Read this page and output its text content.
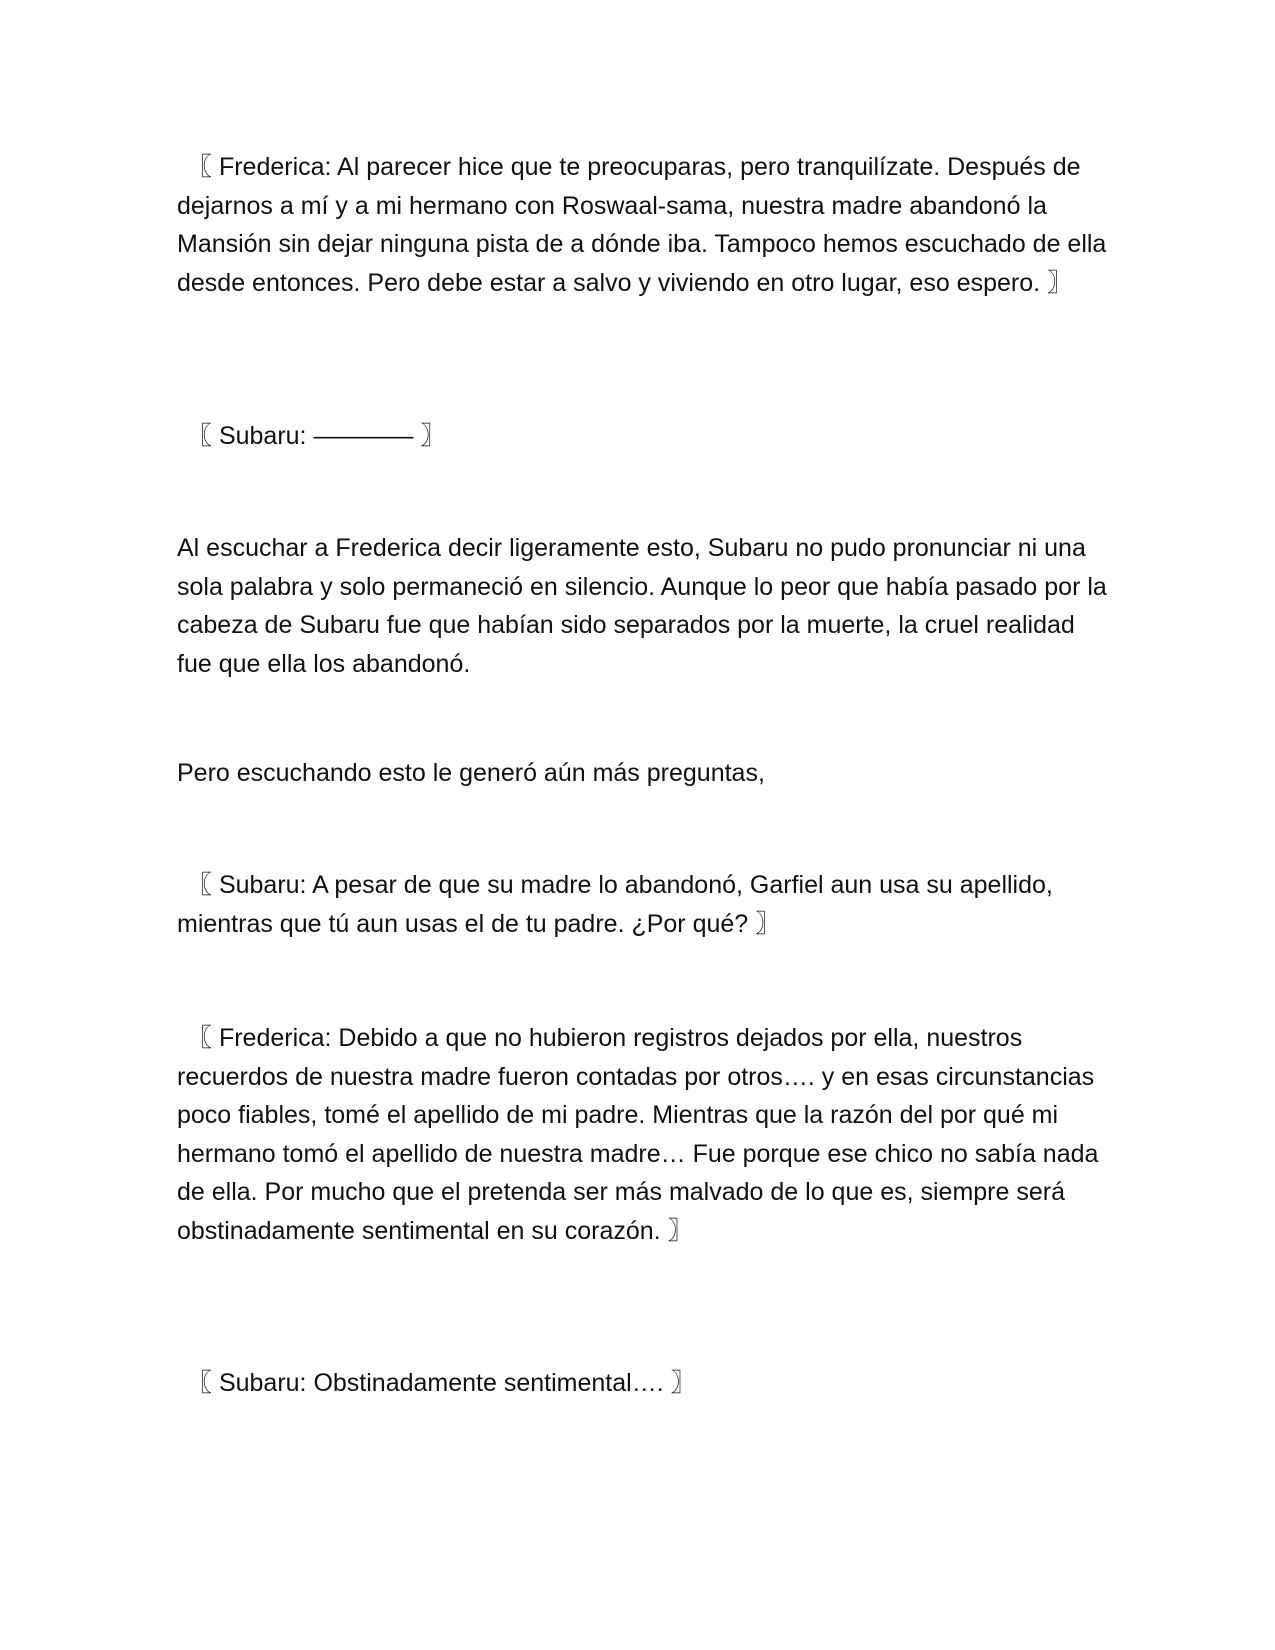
〖 Frederica: Al parecer hice que te preocuparas, pero tranquilízate. Después de dejarnos a mí y a mi hermano con Roswaal-sama, nuestra madre abandonó la Mansión sin dejar ninguna pista de a dónde iba. Tampoco hemos escuchado de ella desde entonces. Pero debe estar a salvo y viviendo en otro lugar, eso espero. 〗

〖 Subaru: ———— 〗

Al escuchar a Frederica decir ligeramente esto, Subaru no pudo pronunciar ni una sola palabra y solo permaneció en silencio. Aunque lo peor que había pasado por la cabeza de Subaru fue que habían sido separados por la muerte, la cruel realidad fue que ella los abandonó.

Pero escuchando esto le generó aún más preguntas,

〖 Subaru: A pesar de que su madre lo abandonó, Garfiel aun usa su apellido, mientras que tú aun usas el de tu padre. ¿Por qué? 〗

〖 Frederica: Debido a que no hubieron registros dejados por ella, nuestros recuerdos de nuestra madre fueron contadas por otros…. y en esas circunstancias poco fiables, tomé el apellido de mi padre. Mientras que la razón del por qué mi hermano tomó el apellido de nuestra madre… Fue porque ese chico no sabía nada de ella. Por mucho que el pretenda ser más malvado de lo que es, siempre será obstinadamente sentimental en su corazón. 〗

〖 Subaru: Obstinadamente sentimental…. 〗
